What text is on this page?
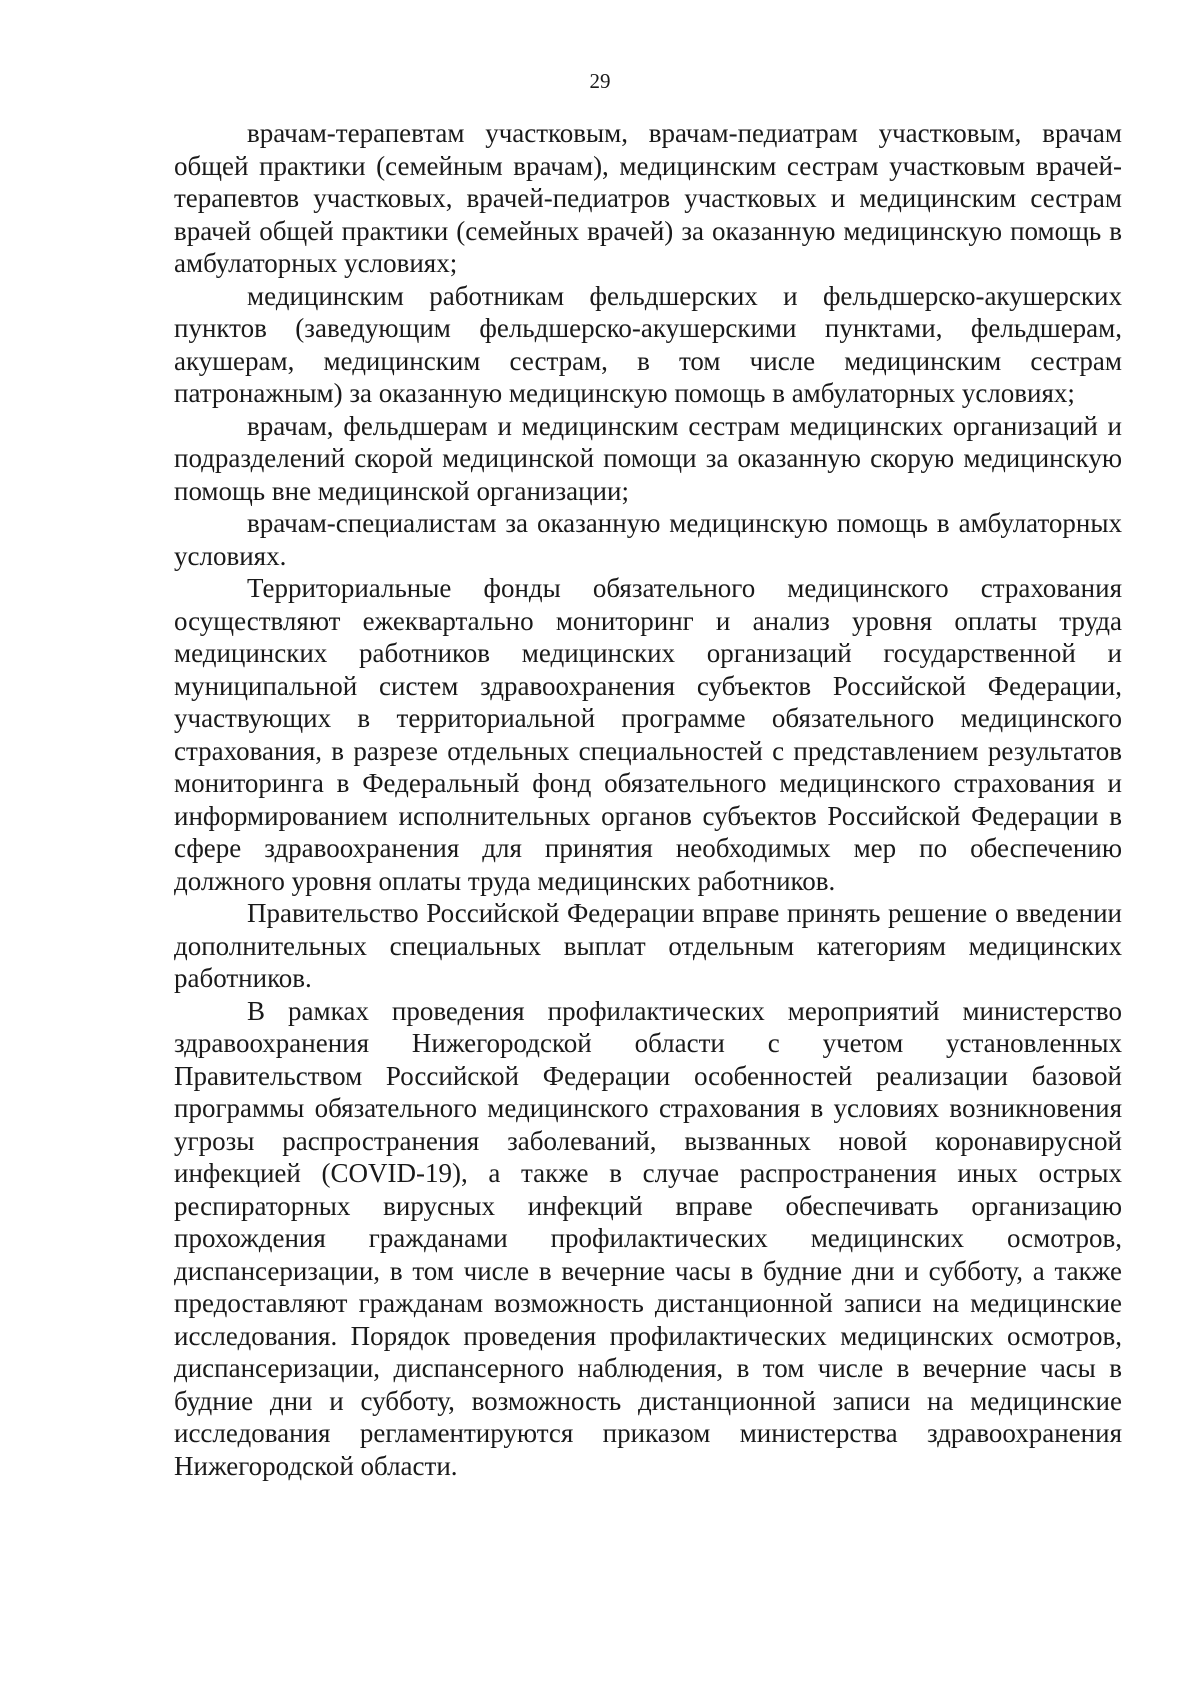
29

врачам-терапевтам участковым, врачам-педиатрам участковым, врачам общей практики (семейным врачам), медицинским сестрам участковым врачей-терапевтов участковых, врачей-педиатров участковых и медицинским сестрам врачей общей практики (семейных врачей) за оказанную медицинскую помощь в амбулаторных условиях;

медицинским работникам фельдшерских и фельдшерско-акушерских пунктов (заведующим фельдшерско-акушерскими пунктами, фельдшерам, акушерам, медицинским сестрам, в том числе медицинским сестрам патронажным) за оказанную медицинскую помощь в амбулаторных условиях;

врачам, фельдшерам и медицинским сестрам медицинских организаций и подразделений скорой медицинской помощи за оказанную скорую медицинскую помощь вне медицинской организации;

врачам-специалистам за оказанную медицинскую помощь в амбулаторных условиях.

Территориальные фонды обязательного медицинского страхования осуществляют ежеквартально мониторинг и анализ уровня оплаты труда медицинских работников медицинских организаций государственной и муниципальной систем здравоохранения субъектов Российской Федерации, участвующих в территориальной программе обязательного медицинского страхования, в разрезе отдельных специальностей с представлением результатов мониторинга в Федеральный фонд обязательного медицинского страхования и информированием исполнительных органов субъектов Российской Федерации в сфере здравоохранения для принятия необходимых мер по обеспечению должного уровня оплаты труда медицинских работников.

Правительство Российской Федерации вправе принять решение о введении дополнительных специальных выплат отдельным категориям медицинских работников.

В рамках проведения профилактических мероприятий министерство здравоохранения Нижегородской области с учетом установленных Правительством Российской Федерации особенностей реализации базовой программы обязательного медицинского страхования в условиях возникновения угрозы распространения заболеваний, вызванных новой коронавирусной инфекцией (COVID-19), а также в случае распространения иных острых респираторных вирусных инфекций вправе обеспечивать организацию прохождения гражданами профилактических медицинских осмотров, диспансеризации, в том числе в вечерние часы в будние дни и субботу, а также предоставляют гражданам возможность дистанционной записи на медицинские исследования. Порядок проведения профилактических медицинских осмотров, диспансеризации, диспансерного наблюдения, в том числе в вечерние часы в будние дни и субботу, возможность дистанционной записи на медицинские исследования регламентируются приказом министерства здравоохранения Нижегородской области.
